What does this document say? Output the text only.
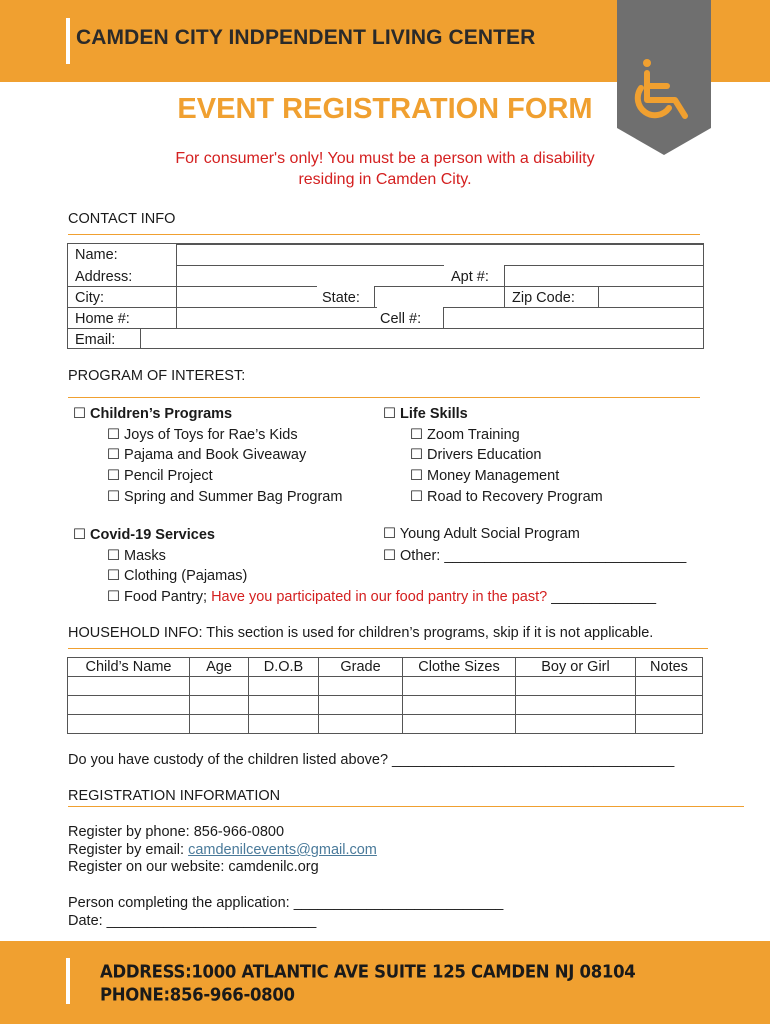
CAMDEN CITY INDPENDENT LIVING CENTER
EVENT REGISTRATION FORM
For consumer's only! You must be a person with a disability
residing in Camden City.
CONTACT INFO
Name:
Address:	Apt #:
City:	State:	Zip Code:
Home #:	Cell #:
Email:
PROGRAM OF INTEREST:
☐ Children’s Programs
☐ Joys of Toys for Rae’s Kids
☐ Pajama and Book Giveaway
☐ Pencil Project
☐ Spring and Summer Bag Program
☐ Life Skills
☐ Zoom Training
☐ Drivers Education
☐ Money Management
☐ Road to Recovery Program
☐ Covid-19 Services
☐ Masks
☐ Clothing (Pajamas)
☐ Food Pantry; Have you participated in our food pantry in the past? _____________
☐ Young Adult Social Program
☐ Other: ______________________________
HOUSEHOLD INFO: This section is used for children’s programs, skip if it is not applicable.
Child’s Name	Age	D.O.B	Grade	Clothe Sizes	Boy or Girl	Notes

Do you have custody of the children listed above? ___________________________________
REGISTRATION INFORMATION
Register by phone: 856-966-0800
Register by email: camdenilcevents@gmail.com
Register on our website: camdenilc.org
Person completing the application: __________________________
Date: __________________________
ADDRESS:1000 ATLANTIC AVE SUITE 125 CAMDEN NJ 08104
PHONE:856-966-0800
